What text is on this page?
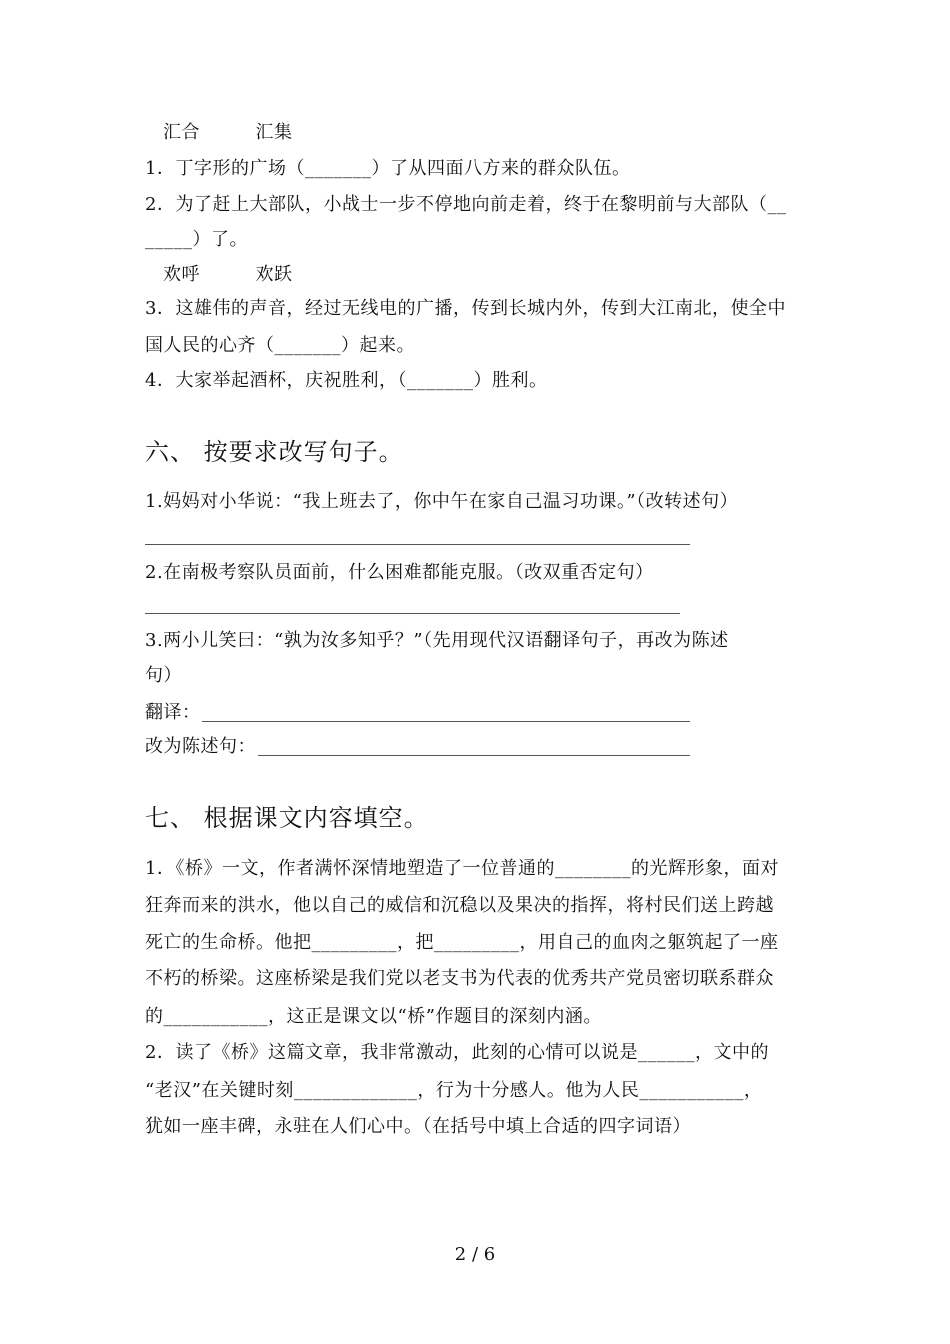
汇合　　　汇集
1．丁字形的广场（_______）了从四面八方来的群众队伍。
2．为了赶上大部队，小战士一步不停地向前走着，终于在黎明前与大部队（__
_____）了。
欢呼　　　欢跃
3．这雄伟的声音，经过无线电的广播，传到长城内外，传到大江南北，使全中
国人民的心齐（_______）起来。
4．大家举起酒杯，庆祝胜利，（_______）胜利。
六、 按要求改写句子。
1.妈妈对小华说：“我上班去了，你中午在家自己温习功课。”（改转述句）
2.在南极考察队员面前，什么困难都能克服。（改双重否定句）
3.两小儿笑曰：“孰为汝多知乎？”（先用现代汉语翻译句子，再改为陈述
句）
翻译：
改为陈述句：
七、 根据课文内容填空。
1．《桥》一文，作者满怀深情地塑造了一位普通的________的光辉形象，面对
狂奔而来的洪水，他以自己的威信和沉稳以及果决的指挥，将村民们送上跨越
死亡的生命桥。他把_________，把_________，用自己的血肉之躯筑起了一座
不朽的桥梁。这座桥梁是我们党以老支书为代表的优秀共产党员密切联系群众
的___________，这正是课文以“桥”作题目的深刻内涵。
2．读了《桥》这篇文章，我非常激动，此刻的心情可以说是______，文中的
“老汉”在关键时刻_____________，行为十分感人。他为人民___________，
犹如一座丰碑，永驻在人们心中。（在括号中填上合适的四字词语）
2 / 6
